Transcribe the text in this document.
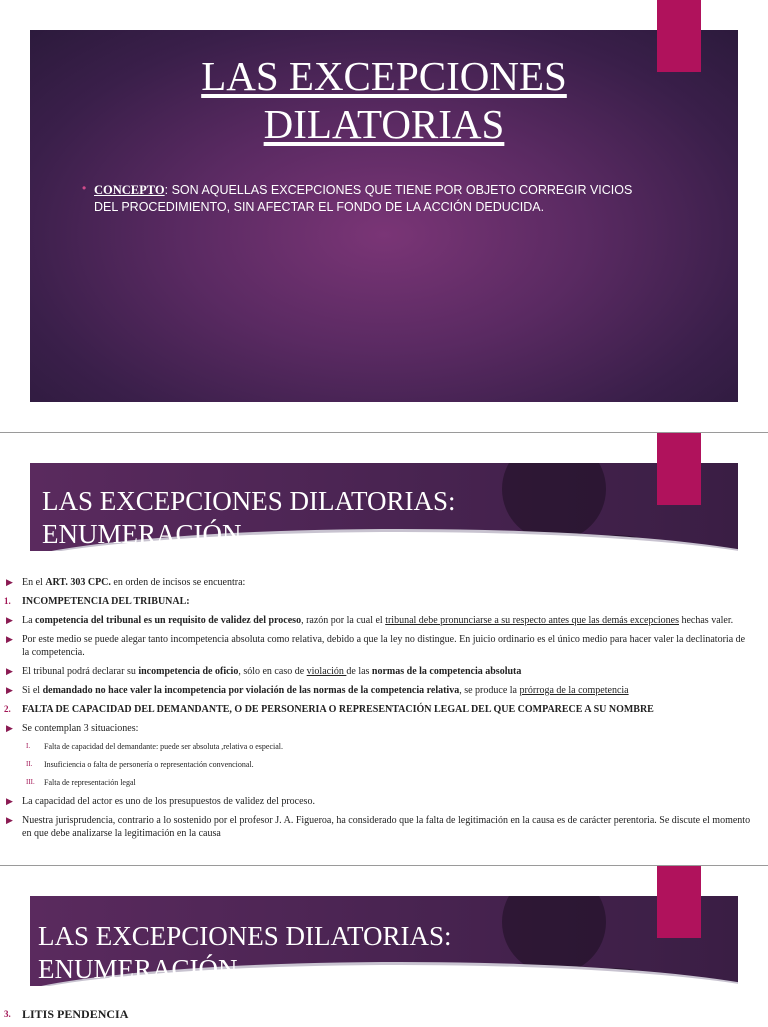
LAS EXCEPCIONES
DILATORIAS
• CONCEPTO: SON AQUELLAS EXCEPCIONES QUE TIENE POR OBJETO CORREGIR VICIOS DEL PROCEDIMIENTO, SIN AFECTAR EL FONDO DE LA ACCIÓN DEDUCIDA.
LAS EXCEPCIONES DILATORIAS:
ENUMERACIÓN
▶ En el ART. 303 CPC. en orden de incisos se encuentra:
1. INCOMPETENCIA DEL TRIBUNAL:
▶ La competencia del tribunal es un requisito de validez del proceso, razón por la cual el tribunal debe pronunciarse a su respecto antes que las demás excepciones hechas valer.
▶ Por este medio se puede alegar tanto incompetencia absoluta como relativa, debido a que la ley no distingue. En juicio ordinario es el único medio para hacer valer la declinatoria de la competencia.
▶ El tribunal podrá declarar su incompetencia de oficio, sólo en caso de violación de las normas de la competencia absoluta
▶ Si el demandado no hace valer la incompetencia por violación de las normas de la competencia relativa, se produce la prórroga de la competencia
2. FALTA DE CAPACIDAD DEL DEMANDANTE, O DE PERSONERIA O REPRESENTACIÓN LEGAL DEL QUE COMPARECE A SU NOMBRE
▶ Se contemplan 3 situaciones:
I. Falta de capacidad del demandante: puede ser absoluta ,relativa o especial.
II. Insuficiencia o falta de personería o representación convencional.
III. Falta de representación legal
▶ La capacidad del actor es uno de los presupuestos de validez del proceso.
▶ Nuestra jurisprudencia, contrario a lo sostenido por el profesor J. A. Figueroa, ha considerado que la falta de legitimación en la causa es de carácter perentoria. Se discute el momento en que debe analizarse la legitimación en la causa
LAS EXCEPCIONES DILATORIAS:
ENUMERACIÓN
3. LITIS PENDENCIA
